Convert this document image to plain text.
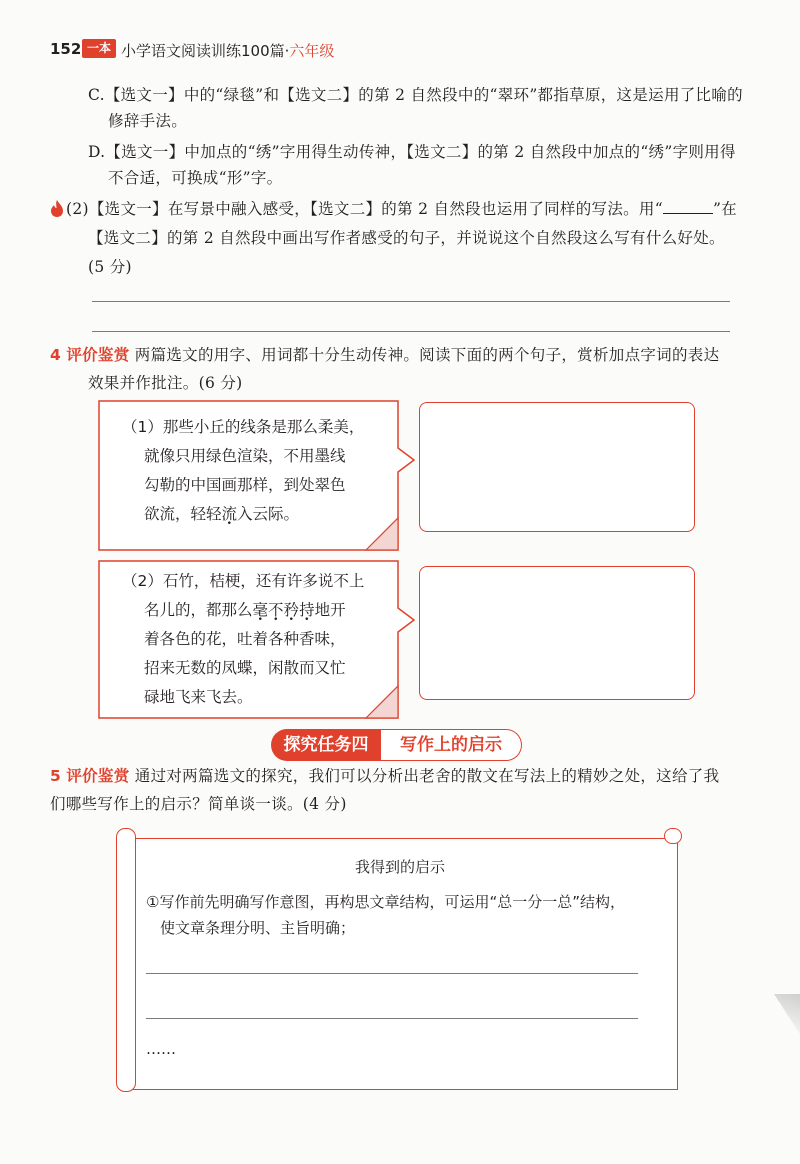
152 一本 小学语文阅读训练100篇·六年级
C.【选文一】中的“绿毯”和【选文二】的第 2 自然段中的“翠环”都指草原，这是运用了比喻的
修辞手法。
D.【选文一】中加点的“绣”字用得生动传神，【选文二】的第 2 自然段中加点的“绣”字则用得
不合适，可换成“形”字。
(2)【选文一】在写景中融入感受，【选文二】的第 2 自然段也运用了同样的写法。用“	”在
【选文二】的第 2 自然段中画出写作者感受的句子，并说说这个自然段这么写有什么好处。
(5 分)
4 评价鉴赏 两篇选文的用字、用词都十分生动传神。阅读下面的两个句子，赏析加点字词的表达
效果并作批注。(6 分)
（1）那些小丘的线条是那么柔美，
就像只用绿色渲染，不用墨线
勾勒的中国画那样，到处翠色
欲流，轻轻流入云际。
（2）石竹，桔梗，还有许多说不上
名儿的，都那么毫不矜持地开
着各色的花，吐着各种香味，
招来无数的凤蝶，闲散而又忙
碌地飞来飞去。
探究任务四	写作上的启示
5 评价鉴赏 通过对两篇选文的探究，我们可以分析出老舍的散文在写法上的精妙之处，这给了我
们哪些写作上的启示？简单谈一谈。(4 分)
我得到的启示
①写作前先明确写作意图，再构思文章结构，可运用“总一分一总”结构，
使文章条理分明、主旨明确；
……
